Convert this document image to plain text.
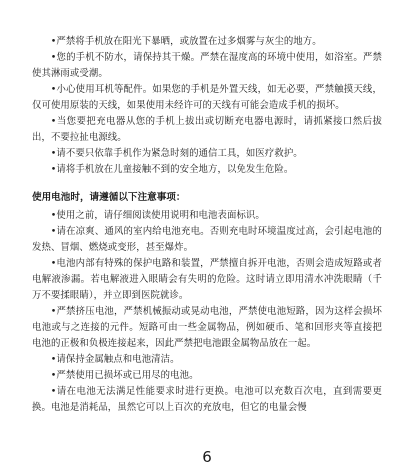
•严禁将手机放在阳光下暴晒，或放置在过多烟雾与灰尘的地方。

•您的手机不防水，请保持其干燥。严禁在湿度高的环境中使用，如浴室。严禁使其淋雨或受潮。

•小心使用耳机等配件。如果您的手机是外置天线，如无必要，严禁触摸天线，仅可使用原装的天线，如果使用未经许可的天线有可能会造成手机的损坏。

•当您要把充电器从您的手机上拔出或切断充电器电源时，请抓紧接口然后拔出，不要拉扯电源线。

•请不要只依靠手机作为紧急时刻的通信工具，如医疗救护。

•请将手机放在儿童接触不到的安全地方，以免发生危险。

使用电池时，请遵循以下注意事项：

•使用之前，请仔细阅读使用说明和电池表面标识。

•请在凉爽、通风的室内给电池充电。否则充电时环境温度过高，会引起电池的发热、冒烟、燃烧或变形，甚至爆炸。

•电池内部有特殊的保护电路和装置，严禁擅自拆开电池，否则会造成短路或者电解液渗漏。若电解液进入眼睛会有失明的危险。这时请立即用清水冲洗眼睛（千万不要揉眼睛），并立即到医院就诊。

•严禁挤压电池，严禁机械振动或晃动电池，严禁使电池短路，因为这样会损坏电池或与之连接的元件。短路可由一些金属物品，例如硬币、笔和回形夹等直接把电池的正极和负极连接起来，因此严禁把电池跟金属物品放在一起。

•请保持金属触点和电池清洁。

•严禁使用已损坏或已用尽的电池。

•请在电池无法满足性能要求时进行更换。电池可以充数百次电，直到需要更换。电池是消耗品，虽然它可以上百次的充放电，但它的电量会慢

6
